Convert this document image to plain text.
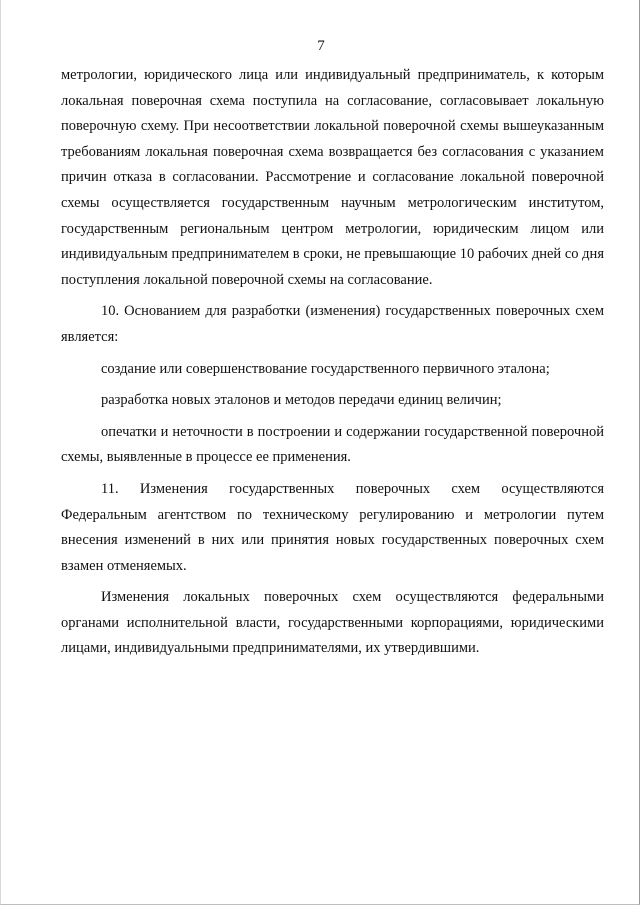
7

метрологии, юридического лица или индивидуальный предприниматель, к которым локальная поверочная схема поступила на согласование, согласовывает локальную поверочную схему. При несоответствии локальной поверочной схемы вышеуказанным требованиям локальная поверочная схема возвращается без согласования с указанием причин отказа в согласовании. Рассмотрение и согласование локальной поверочной схемы осуществляется государственным научным метрологическим институтом, государственным региональным центром метрологии, юридическим лицом или индивидуальным предпринимателем в сроки, не превышающие 10 рабочих дней со дня поступления локальной поверочной схемы на согласование.

10. Основанием для разработки (изменения) государственных поверочных схем является:

создание или совершенствование государственного первичного эталона;

разработка новых эталонов и методов передачи единиц величин;

опечатки и неточности в построении и содержании государственной поверочной схемы, выявленные в процессе ее применения.

11. Изменения государственных поверочных схем осуществляются Федеральным агентством по техническому регулированию и метрологии путем внесения изменений в них или принятия новых государственных поверочных схем взамен отменяемых.

Изменения локальных поверочных схем осуществляются федеральными органами исполнительной власти, государственными корпорациями, юридическими лицами, индивидуальными предпринимателями, их утвердившими.
